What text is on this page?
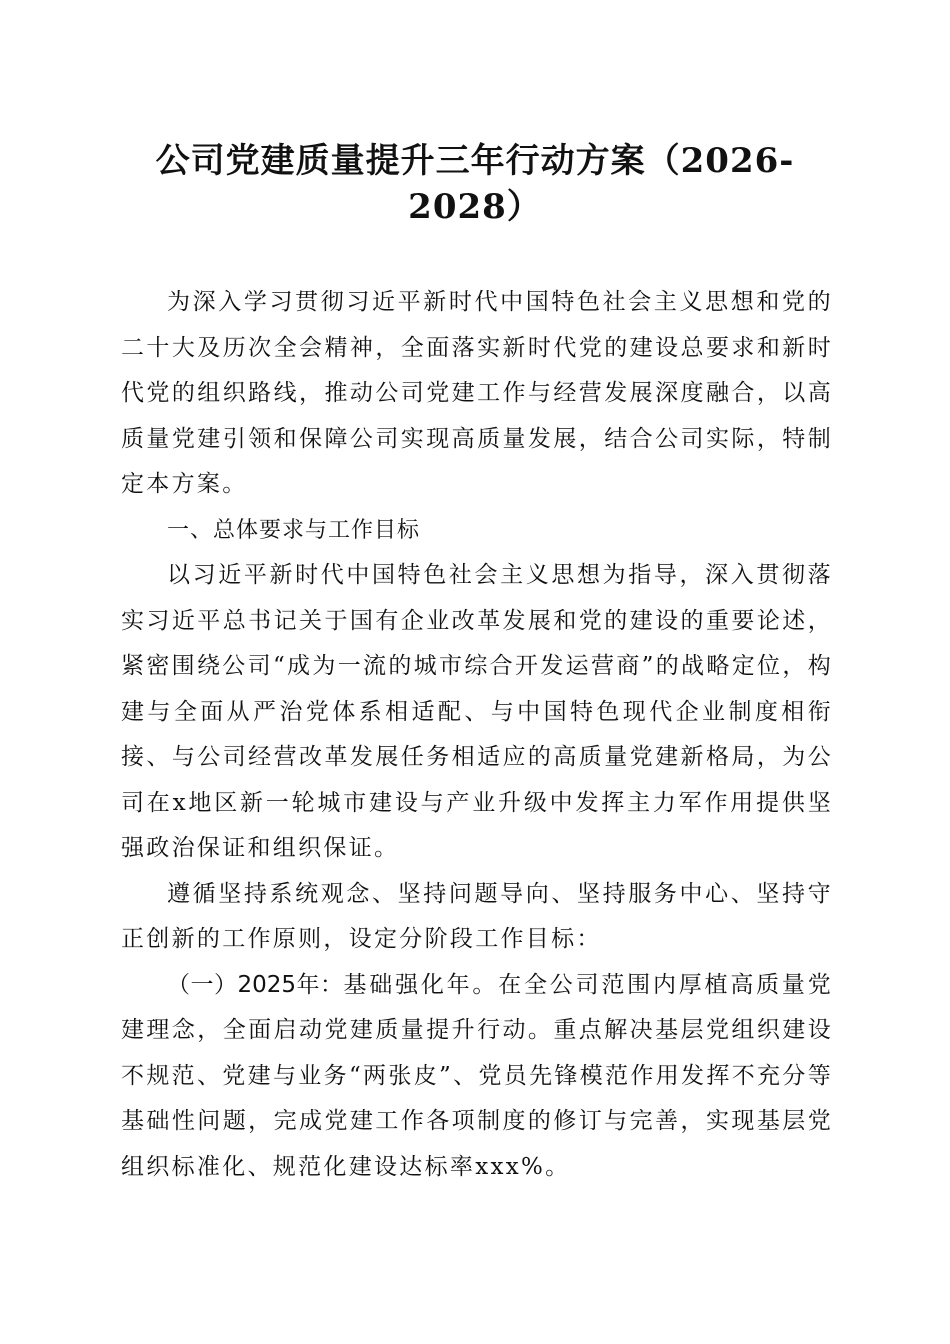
公司党建质量提升三年行动方案（2026-2028）

为深入学习贯彻习近平新时代中国特色社会主义思想和党的二十大及历次全会精神，全面落实新时代党的建设总要求和新时代党的组织路线，推动公司党建工作与经营发展深度融合，以高质量党建引领和保障公司实现高质量发展，结合公司实际，特制定本方案。

一、总体要求与工作目标

以习近平新时代中国特色社会主义思想为指导，深入贯彻落实习近平总书记关于国有企业改革发展和党的建设的重要论述，紧密围绕公司“成为一流的城市综合开发运营商”的战略定位，构建与全面从严治党体系相适配、与中国特色现代企业制度相衔接、与公司经营改革发展任务相适应的高质量党建新格局，为公司在x地区新一轮城市建设与产业升级中发挥主力军作用提供坚强政治保证和组织保证。

遵循坚持系统观念、坚持问题导向、坚持服务中心、坚持守正创新的工作原则，设定分阶段工作目标：

（一）2025年：基础强化年。在全公司范围内厚植高质量党建理念，全面启动党建质量提升行动。重点解决基层党组织建设不规范、党建与业务“两张皮”、党员先锋模范作用发挥不充分等基础性问题，完成党建工作各项制度的修订与完善，实现基层党组织标准化、规范化建设达标率xxx%。
